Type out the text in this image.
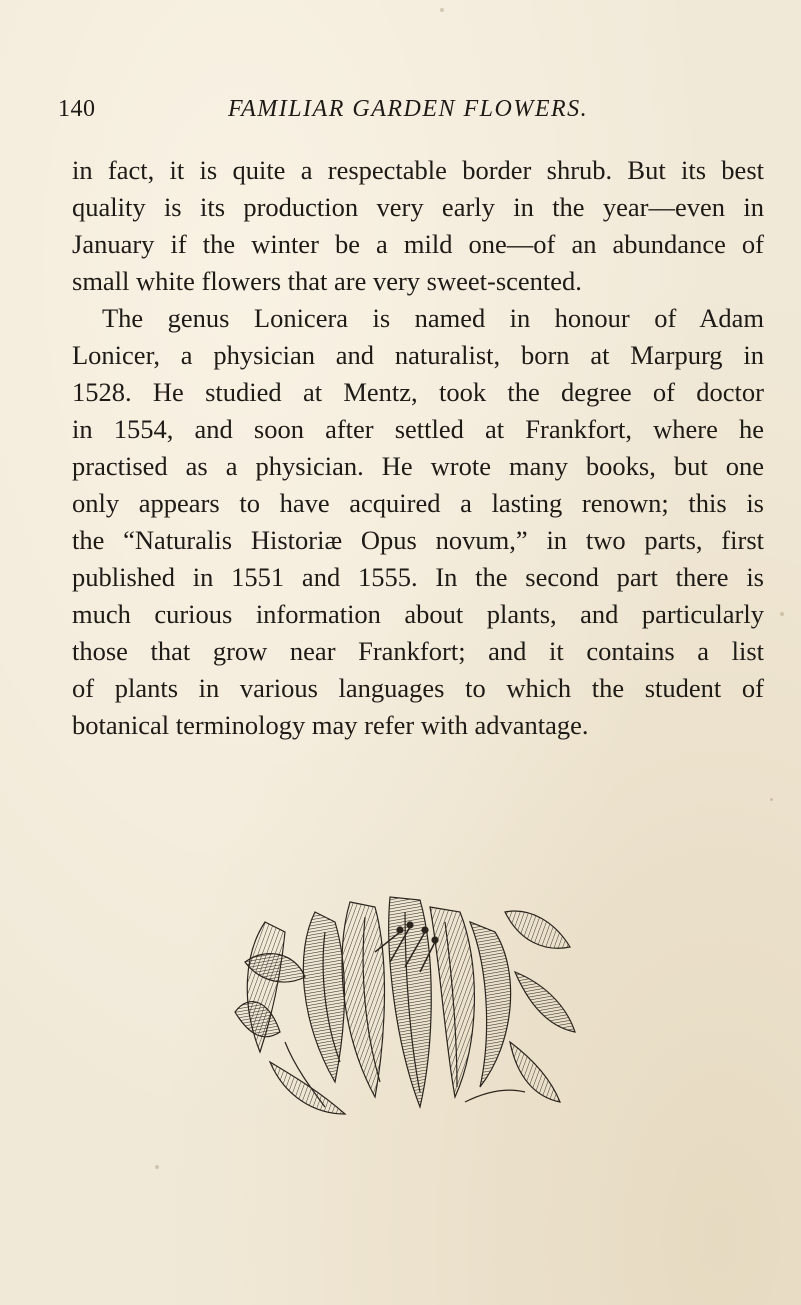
140	FAMILIAR GARDEN FLOWERS.
in fact, it is quite a respectable border shrub. But its best
quality is its production very early in the year—even in
January if the winter be a mild one—of an abundance of
small white flowers that are very sweet-scented.
The genus Lonicera is named in honour of Adam
Lonicer, a physician and naturalist, born at Marpurg in
1528. He studied at Mentz, took the degree of doctor
in 1554, and soon after settled at Frankfort, where he
practised as a physician. He wrote many books, but one
only appears to have acquired a lasting renown; this is
the “Naturalis Historiæ Opus novum,” in two parts, first
published in 1551 and 1555. In the second part there is
much curious information about plants, and particularly
those that grow near Frankfort; and it contains a list
of plants in various languages to which the student of
botanical terminology may refer with advantage.
